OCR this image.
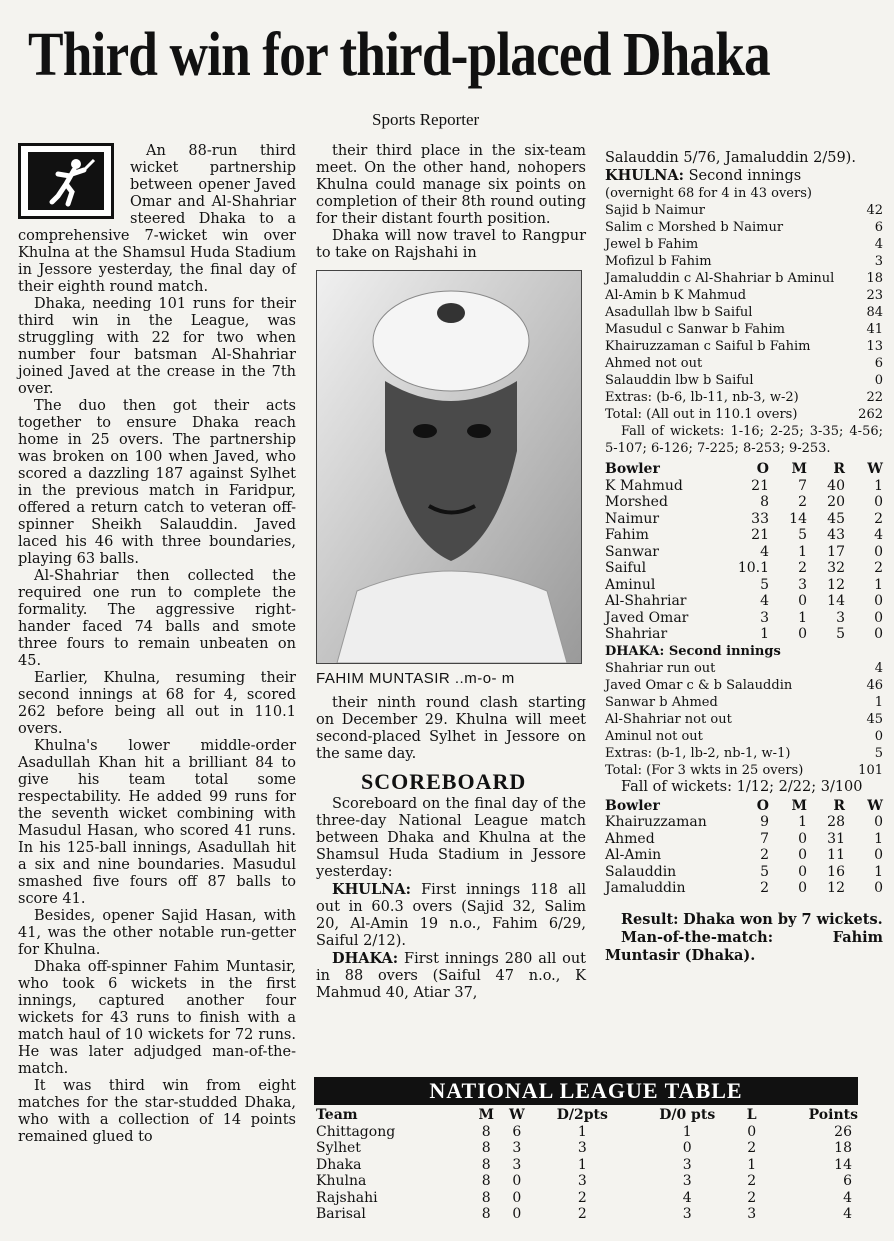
Third win for third-placed Dhaka
Sports Reporter

An 88-run third wicket partnership between opener Javed Omar and Al-Shahriar steered Dhaka to a comprehensive 7-wicket win over Khulna at the Shamsul Huda Stadium in Jessore yesterday, the final day of their eighth round match.

Dhaka, needing 101 runs for their third win in the League, was struggling with 22 for two when number four batsman Al-Shahriar joined Javed at the crease in the 7th over.

The duo then got their acts together to ensure Dhaka reach home in 25 overs. The partnership was broken on 100 when Javed, who scored a dazzling 187 against Sylhet in the previous match in Faridpur, offered a return catch to veteran off-spinner Sheikh Salauddin. Javed laced his 46 with three boundaries, playing 63 balls.

Al-Shahriar then collected the required one run to complete the formality. The aggressive right-hander faced 74 balls and smote three fours to remain unbeaten on 45.

Earlier, Khulna, resuming their second innings at 68 for 4, scored 262 before being all out in 110.1 overs.

Khulna's lower middle-order Asadullah Khan hit a brilliant 84 to give his team total some respectability. He added 99 runs for the seventh wicket combining with Masudul Hasan, who scored 41 runs. In his 125-ball innings, Asadullah hit a six and nine boundaries. Masudul smashed five fours off 87 balls to score 41.

Besides, opener Sajid Hasan, with 41, was the other notable run-getter for Khulna.

Dhaka off-spinner Fahim Muntasir, who took 6 wickets in the first innings, captured another four wickets for 43 runs to finish with a match haul of 10 wickets for 72 runs. He was later adjudged man-of-the-match.

It was third win from eight matches for the star-studded Dhaka, who with a collection of 14 points remained glued to

their third place in the six-team meet. On the other hand, nohopers Khulna could manage six points on completion of their 8th round outing for their distant fourth position.

Dhaka will now travel to Rangpur to take on Rajshahi in

FAHIM MUNTASIR ..m-o- m

their ninth round clash starting on December 29. Khulna will meet second-placed Sylhet in Jessore on the same day.

SCOREBOARD

Scoreboard on the final day of the three-day National League match between Dhaka and Khulna at the Shamsul Huda Stadium in Jessore yesterday:

KHULNA: First innings 118 all out in 60.3 overs (Sajid 32, Salim 20, Al-Amin 19 n.o., Fahim 6/29, Saiful 2/12).

DHAKA: First innings 280 all out in 88 overs (Saiful 47 n.o., K Mahmud 40, Atiar 37,

Salauddin 5/76, Jamaluddin 2/59).
KHULNA: Second innings
(overnight 68 for 4 in 43 overs)
Sajid b Naimur	42
Salim c Morshed b Naimur	6
Jewel b Fahim	4
Mofizul b Fahim	3
Jamaluddin c Al-Shahriar b Aminul 18
Al-Amin b K Mahmud	23
Asadullah lbw b Saiful	84
Masudul c Sanwar b Fahim	41
Khairuzzaman c Saiful b Fahim	13
Ahmed not out	6
Salauddin lbw b Saiful	0
Extras: (b-6, lb-11, nb-3, w-2)	22
Total: (All out in 110.1 overs)	262
Fall of wickets: 1-16; 2-25; 3-35; 4-56; 5-107; 6-126; 7-225; 8-253; 9-253.
Bowler	O	M	R	W
K Mahmud	21	7	40	1
Morshed	8	2	20	0
Naimur	33	14	45	2
Fahim	21	5	43	4
Sanwar	4	1	17	0
Saiful	10.1	2	32	2
Aminul	5	3	12	1
Al-Shahriar	4	0	14	0
Javed Omar	3	1	3	0
Shahriar	1	0	5	0
DHAKA: Second innings
Shahriar run out	4
Javed Omar c & b Salauddin	46
Sanwar b Ahmed	1
Al-Shahriar not out	45
Aminul not out	0
Extras: (b-1, lb-2, nb-1, w-1)	5
Total: (For 3 wkts in 25 overs)	101
Fall of wickets: 1/12; 2/22; 3/100
Bowler	O	M	R	W
Khairuzzaman	9	1	28	0
Ahmed	7	0	31	1
Al-Amin	2	0	11	0
Salauddin	5	0	16	1
Jamaluddin	2	0	12	0

Result: Dhaka won by 7 wickets.

Man-of-the-match:	Fahim Muntasir (Dhaka).

NATIONAL LEAGUE TABLE
Team	M	W	D/2pts	D/0 pts	L	Points
Chittagong	8	6	1	1	0	26
Sylhet	8	3	3	0	2	18
Dhaka	8	3	1	3	1	14
Khulna	8	0	3	3	2	6
Rajshahi	8	0	2	4	2	4
Barisal	8	0	2	3	3	4
